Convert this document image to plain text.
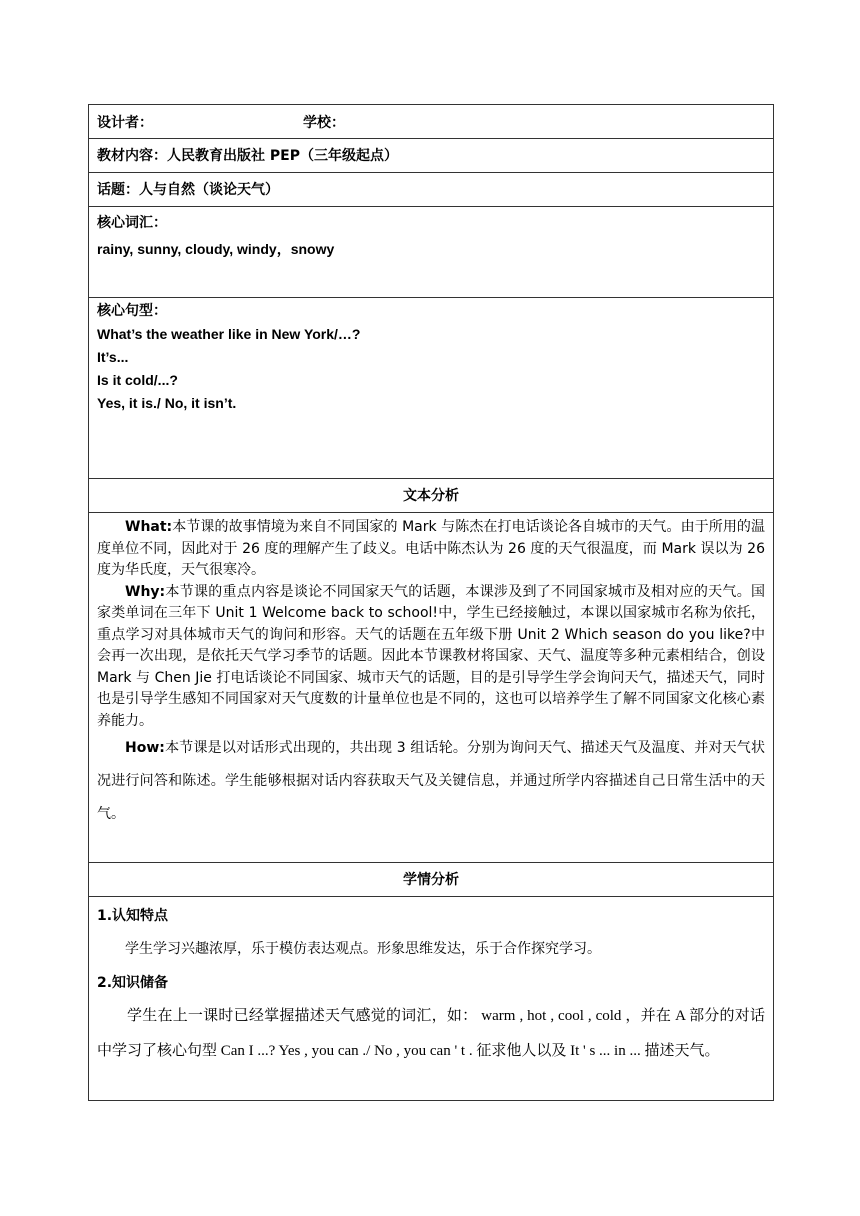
设计者：	学校：
教材内容：人民教育出版社 PEP（三年级起点）
话题：人与自然（谈论天气）

核心词汇：
rainy, sunny, cloudy, windy，snowy

核心句型：
What’s the weather like in New York/…?
It’s...
Is it cold/...?
Yes, it is./ No, it isn’t.

文本分析

What:本节课的故事情境为来自不同国家的 Mark 与陈杰在打电话谈论各自城市的天气。由于所用的温度单位不同，因此对于 26 度的理解产生了歧义。电话中陈杰认为 26 度的天气很温度，而 Mark 误以为 26 度为华氏度，天气很寒冷。

Why:本节课的重点内容是谈论不同国家天气的话题，本课涉及到了不同国家城市及相对应的天气。国家类单词在三年下 Unit 1 Welcome back to school!中，学生已经接触过，本课以国家城市名称为依托，重点学习对具体城市天气的询问和形容。天气的话题在五年级下册 Unit 2 Which season do you like?中会再一次出现，是依托天气学习季节的话题。因此本节课教材将国家、天气、温度等多种元素相结合，创设 Mark 与 Chen Jie 打电话谈论不同国家、城市天气的话题，目的是引导学生学会询问天气，描述天气，同时也是引导学生感知不同国家对天气度数的计量单位也是不同的，这也可以培养学生了解不同国家文化核心素养能力。

How:本节课是以对话形式出现的，共出现 3 组话轮。分别为询问天气、描述天气及温度、并对天气状况进行问答和陈述。学生能够根据对话内容获取天气及关键信息，并通过所学内容描述自己日常生活中的天气。

学情分析

1.认知特点

学生学习兴趣浓厚，乐于模仿表达观点。形象思维发达，乐于合作探究学习。

2.知识储备

学生在上一课时已经掌握描述天气感觉的词汇，如： warm , hot , cool , cold ，并在 A 部分的对话中学习了核心句型 Can I ...? Yes , you can ./ No , you can ' t . 征求他人以及 It ' s ... in ... 描述天气。
